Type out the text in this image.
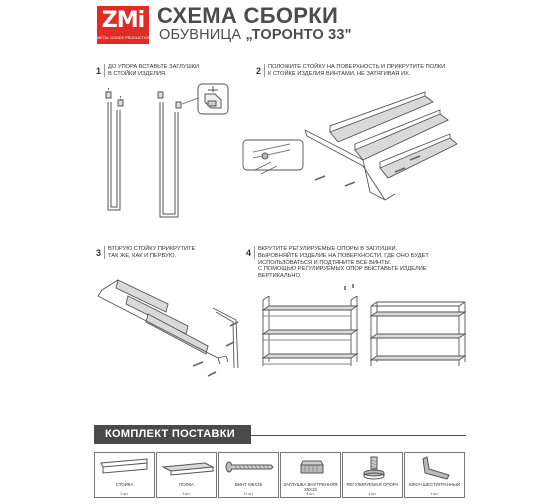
ZMi
METAL GOODS PRODUCTION
СХЕМА СБОРКИ
ОБУВНИЦА „ТОРОНТО 33"
1 ДО УПОРА ВСТАВЬТЕ ЗАГЛУШКИ
В СТОЙКИ ИЗДЕЛИЯ.	2 ПОЛОЖИТЕ СТОЙКУ НА ПОВЕРХНОСТЬ И ПРИКРУТИТЕ ПОЛКИ
К СТОЙКЕ ИЗДЕЛИЯ ВИНТАМИ, НЕ ЗАТЯГИВАЯ ИХ.
3 ВТОРУЮ СТОЙКУ ПРИКРУТИТЕ
ТАК ЖЕ, КАК И ПЕРВУЮ.	4 ВКРУТИТЕ РЕГУЛИРУЕМЫЕ ОПОРЫ В ЗАГЛУШКИ.
ВЫРОВНЯЙТЕ ИЗДЕЛИЕ НА ПОВЕРХНОСТИ, ГДЕ ОНО БУДЕТ
ИСПОЛЬЗОВАТЬСЯ И ПОДТЯНИТЕ ВСЕ ВИНТЫ.
С ПОМОЩЬЮ РЕГУЛИРУЕМЫХ ОПОР ВЫСТАВЬТЕ ИЗДЕЛИЕ
ВЕРТИКАЛЬНО.
КОМПЛЕКТ ПОСТАВКИ
СТОЙКА
2 шт.
ПОЛКА
3 шт.
ВИНТ М6Х35
12 шт.
ЗАГЛУШКА ВНУТРЕННЯЯ 25Х15
4 шт.
РЕГУЛИРУЕМАЯ ОПОРА
4 шт.
КЛЮЧ ШЕСТИГРАННЫЙ
1 шт.
